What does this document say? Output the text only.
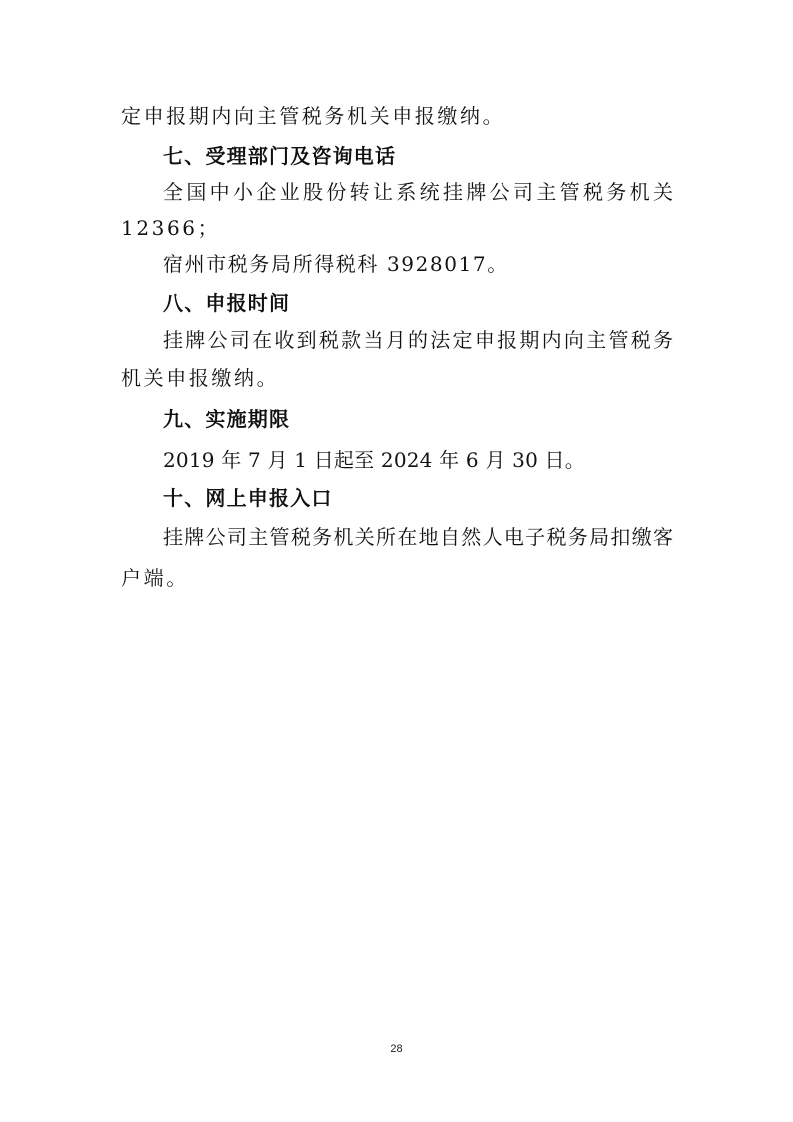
定申报期内向主管税务机关申报缴纳。
七、受理部门及咨询电话
全国中小企业股份转让系统挂牌公司主管税务机关
12366；
宿州市税务局所得税科 3928017。
八、申报时间
挂牌公司在收到税款当月的法定申报期内向主管税务
机关申报缴纳。
九、实施期限
2019 年 7 月 1 日起至 2024 年 6 月 30 日。
十、网上申报入口
挂牌公司主管税务机关所在地自然人电子税务局扣缴客
户端。
28
